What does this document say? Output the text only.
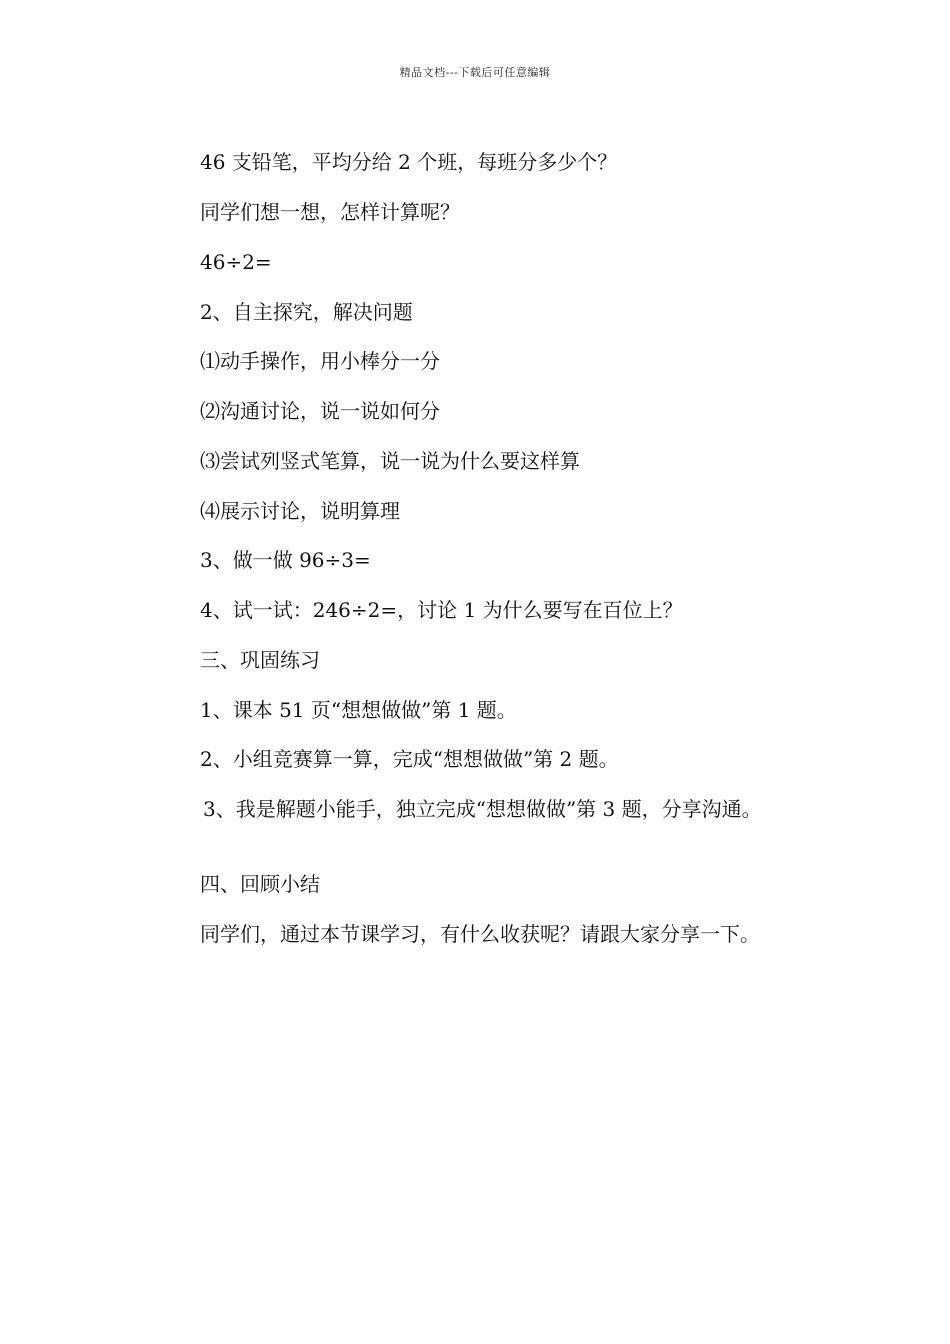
精品文档---下载后可任意编辑
46 支铅笔，平均分给 2 个班，每班分多少个？
同学们想一想，怎样计算呢？
46÷2=
2、自主探究，解决问题
⑴动手操作，用小棒分一分
⑵沟通讨论，说一说如何分
⑶尝试列竖式笔算，说一说为什么要这样算
⑷展示讨论，说明算理
3、做一做 96÷3=
4、试一试：246÷2=，讨论 1 为什么要写在百位上？
三、巩固练习
1、课本 51 页“想想做做”第 1 题。
2、小组竞赛算一算，完成“想想做做”第 2 题。
3、我是解题小能手，独立完成“想想做做”第 3 题，分享沟通。
四、回顾小结
同学们，通过本节课学习，有什么收获呢？请跟大家分享一下。
